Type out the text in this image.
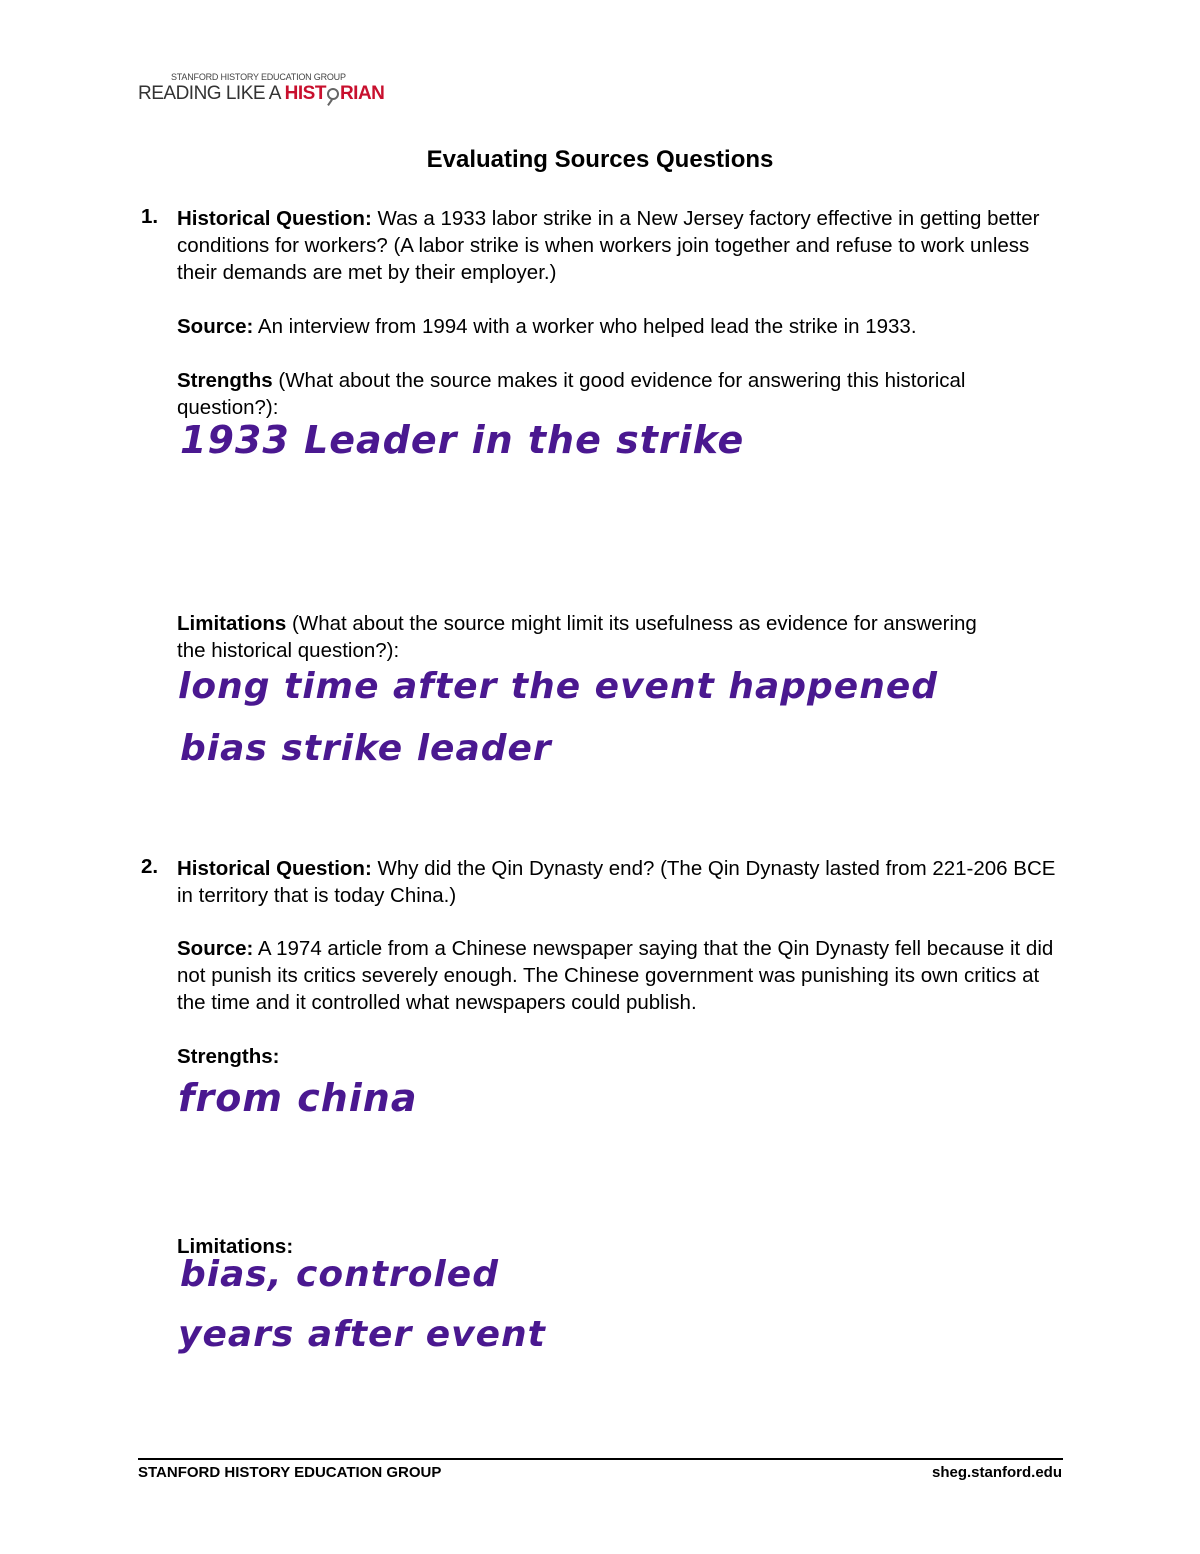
STANFORD HISTORY EDUCATION GROUP
READING LIKE A HIST RIAN
Evaluating Sources Questions
1. Historical Question: Was a 1933 labor strike in a New Jersey factory effective in getting better conditions for workers? (A labor strike is when workers join together and refuse to work unless their demands are met by their employer.)
Source: An interview from 1994 with a worker who helped lead the strike in 1933.
Strengths (What about the source makes it good evidence for answering this historical question?):
1933 Leader in the strike
Limitations (What about the source might limit its usefulness as evidence for answering the historical question?):
long time after the event happened
bias strike leader
2. Historical Question: Why did the Qin Dynasty end? (The Qin Dynasty lasted from 221-206 BCE in territory that is today China.)
Source: A 1974 article from a Chinese newspaper saying that the Qin Dynasty fell because it did not punish its critics severely enough. The Chinese government was punishing its own critics at the time and it controlled what newspapers could publish.
Strengths:
from china
Limitations:
bias, controled
years after event
STANFORD HISTORY EDUCATION GROUP	sheg.stanford.edu
